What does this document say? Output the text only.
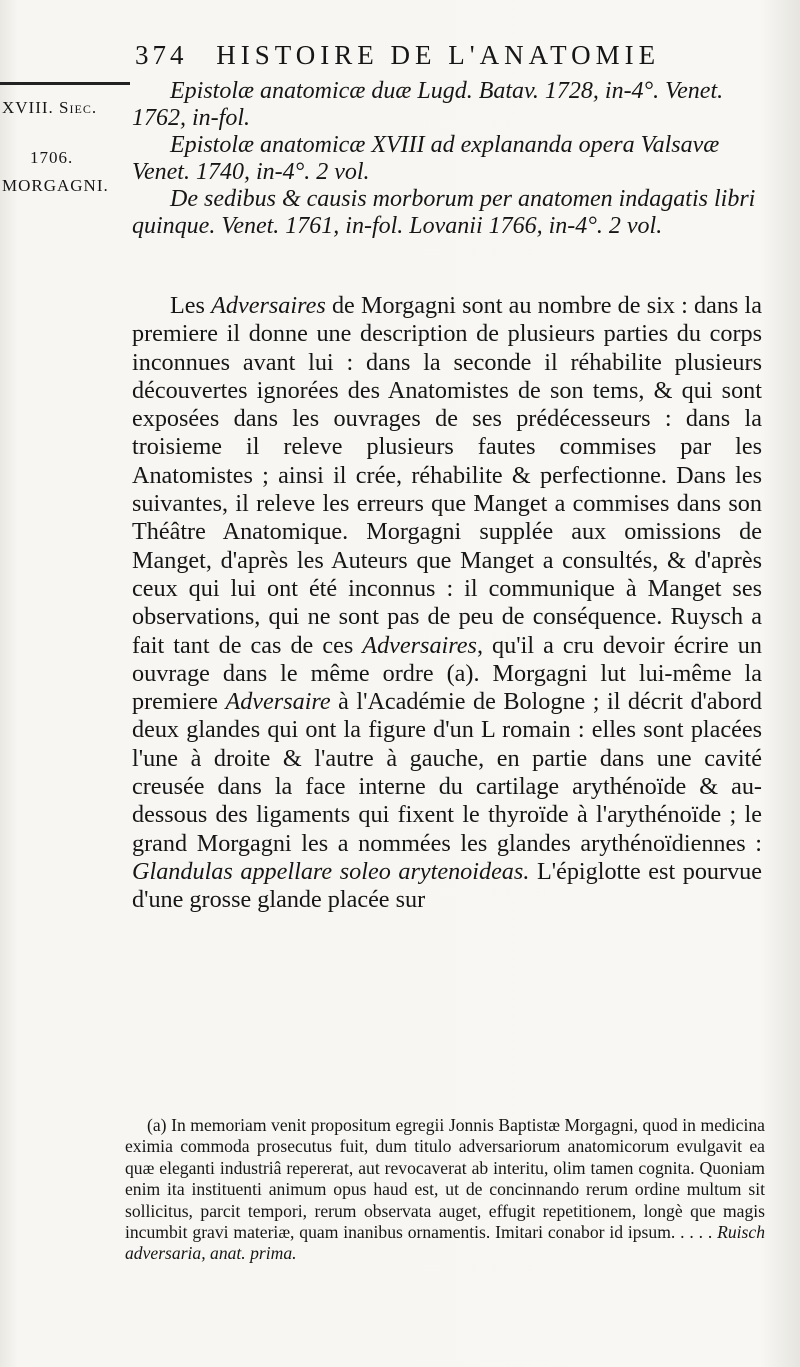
374 HISTOIRE DE L'ANATOMIE
XVIII. Siec.
1706.
MORGAGNI.

Epistolæ anatomicæ duæ Lugd. Batav. 1728, in-4°. Venet. 1762, in-fol.

Epistolæ anatomicæ XVIII ad explananda opera Valsavæ Venet. 1740, in-4°. 2 vol.

De sedibus & causis morborum per anatomen indagatis libri quinque. Venet. 1761, in-fol. Lovanii 1766, in-4°. 2 vol.

Les Adversaires de Morgagni sont au nombre de six : dans la premiere il donne une description de plusieurs parties du corps inconnues avant lui : dans la seconde il réhabilite plusieurs découvertes ignorées des Anatomistes de son tems, & qui sont exposées dans les ouvrages de ses prédécesseurs : dans la troisieme il releve plusieurs fautes commises par les Anatomistes ; ainsi il crée, réhabilite & perfectionne. Dans les suivantes, il releve les erreurs que Manget a commises dans son Théâtre Anatomique. Morgagni supplée aux omissions de Manget, d'après les Auteurs que Manget a consultés, & d'après ceux qui lui ont été inconnus : il communique à Manget ses observations, qui ne sont pas de peu de conséquence. Ruysch a fait tant de cas de ces Adversaires, qu'il a cru devoir écrire un ouvrage dans le même ordre (a). Morgagni lut lui-même la premiere Adversaire à l'Académie de Bologne ; il décrit d'abord deux glandes qui ont la figure d'un L romain : elles sont placées l'une à droite & l'autre à gauche, en partie dans une cavité creusée dans la face interne du cartilage arythénoïde & au-dessous des ligaments qui fixent le thyroïde à l'arythénoïde ; le grand Morgagni les a nommées les glandes arythénoïdiennes : Glandulas appellare soleo arytenoideas. L'épiglotte est pourvue d'une grosse glande placée sur

(a) In memoriam venit propositum egregii Jonnis Baptistæ Morgagni, quod in medicina eximia commoda prosecutus fuit, dum titulo adversariorum anatomicorum evulgavit ea quæ eleganti industriâ repererat, aut revocaverat ab interitu, olim tamen cognita. Quoniam enim ita instituenti animum opus haud est, ut de concinnando rerum ordine multum sit sollicitus, parcit tempori, rerum observata auget, effugit repetitionem, longè que magis incumbit gravi materiæ, quam inanibus ornamentis. Imitari conabor id ipsum. . . . . Ruisch adversaria, anat. prima.
